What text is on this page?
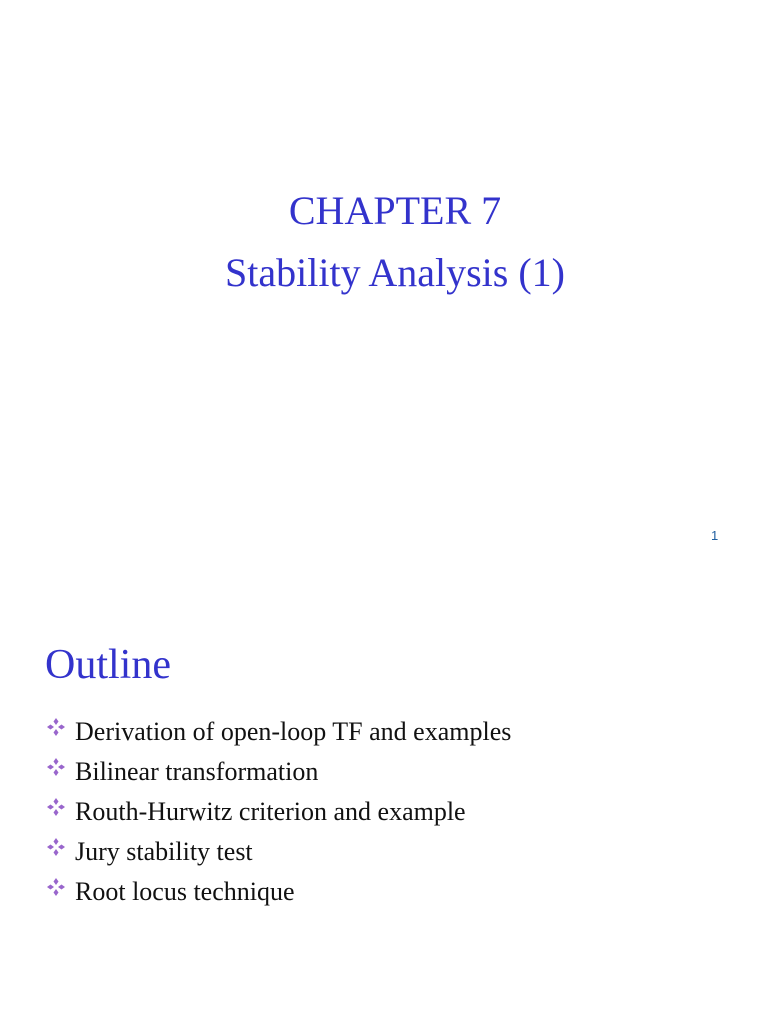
CHAPTER 7
Stability Analysis (1)
1
Outline
Derivation of open-loop TF and examples
Bilinear transformation
Routh-Hurwitz criterion and example
Jury stability test
Root locus technique
